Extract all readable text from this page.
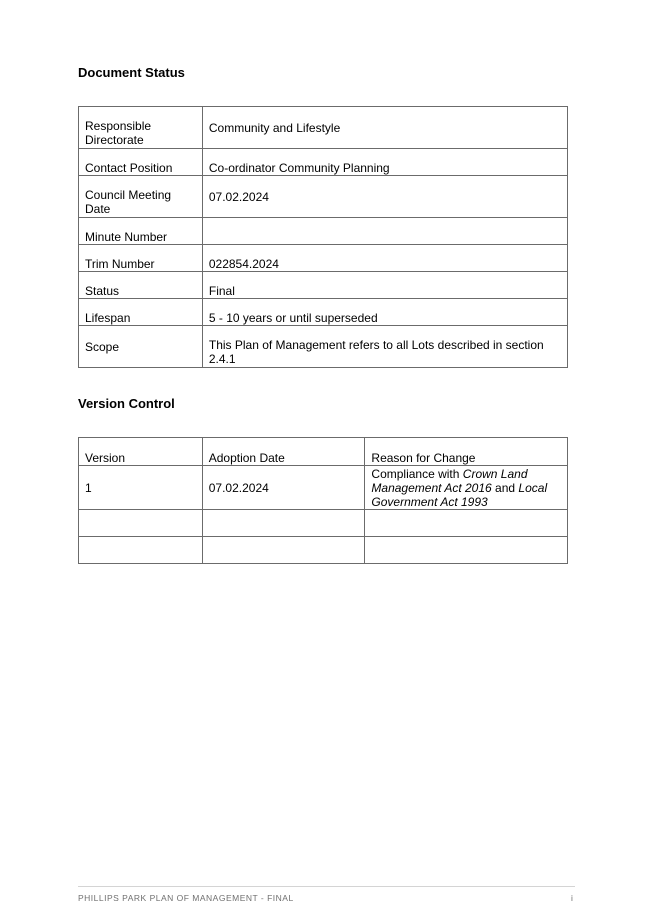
Document Status
Responsible Directorate	Community and Lifestyle

Contact Position	Co-ordinator Community Planning

Council Meeting Date	07.02.2024

Minute Number	
Trim Number	022854.2024
Status	Final
Lifespan	5 - 10 years or until superseded

Scope	This Plan of Management refers to all Lots described in section 2.4.1
Version Control
Version	Adoption Date	Reason for Change
1	07.02.2024	Compliance with Crown Land Management Act 2016 and Local Government Act 1993

PHILLIPS PARK PLAN OF MANAGEMENT - FINAL	i
